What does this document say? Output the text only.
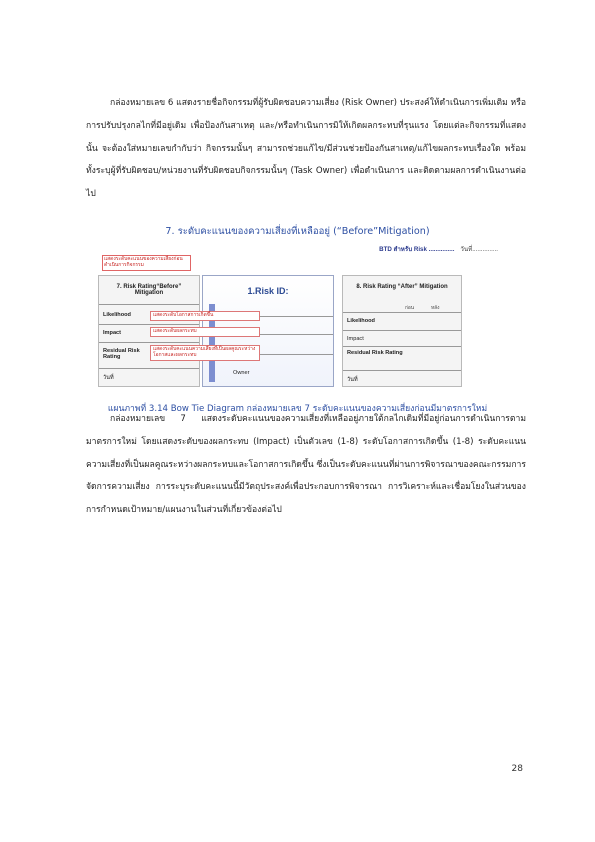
กล่องหมายเลข 6 แสดงรายชื่อกิจกรรมที่ผู้รับผิดชอบความเสี่ยง (Risk Owner) ประสงค์ให้ดำเนินการเพิ่มเติม หรือการปรับปรุงกลไกที่มีอยู่เดิม เพื่อป้องกันสาเหตุ และ/หรือทำเนินการมิให้เกิดผลกระทบที่รุนแรง โดยแต่ละกิจกรรมที่แสดงนั้น จะต้องใส่หมายเลขกำกับว่า กิจกรรมนั้นๆ สามารถช่วยแก้ไข/มีส่วนช่วยป้องกันสาเหตุ/แก้ไขผลกระทบเรื่องใด พร้อมทั้งระบุผู้ที่รับผิดชอบ/หน่วยงานที่รับผิดชอบกิจกรรมนั้นๆ (Task Owner) เพื่อดำเนินการ และติดตามผลการดำเนินงานต่อไป

7. ระดับคะแนนของความเสี่ยงที่เหลืออยู่ (“Before”Mitigation)
BTD สำหรับ Risk ............... วันที่...............
แสดงระดับคะแนนของความเสี่ยงก่อนดำเนินการกิจกรรม
7. Risk Rating“Before” Mitigation
Likelihood
Impact
Residual Risk Rating
วันที่
1.Risk ID:
Owner
แสดงระดับโอกาสการเกิดขึ้น
แสดงระดับผลกระทบ
แสดงระดับคะแนนความเสี่ยงที่เป็นผลคูณระหว่างโอกาสและผลกระทบ
8. Risk Rating “After” Mitigation
ก่อน	หลัง
Likelihood
Impact
Residual Risk Rating
วันที่
แผนภาพที่ 3.14 Bow Tie Diagram กล่องหมายเลข 7 ระดับคะแนนของความเสี่ยงก่อนมีมาตรการใหม่

กล่องหมายเลข 7 แสดงระดับคะแนนของความเสี่ยงที่เหลืออยู่ภายใต้กลไกเดิมที่มีอยู่ก่อนการดำเนินการตามมาตรการใหม่ โดยแสดงระดับของผลกระทบ (Impact) เป็นตัวเลข (1-8) ระดับโอกาสการเกิดขึ้น (1-8) ระดับคะแนนความเสี่ยงที่เป็นผลคูณระหว่างผลกระทบและโอกาสการเกิดขึ้น ซึ่งเป็นระดับคะแนนที่ผ่านการพิจารณาของคณะกรรมการจัดการความเสี่ยง การระบุระดับคะแนนนี้มีวัตถุประสงค์เพื่อประกอบการพิจารณา การวิเคราะห์และเชื่อมโยงในส่วนของการกำหนดเป้าหมาย/แผนงานในส่วนที่เกี่ยวข้องต่อไป

28
